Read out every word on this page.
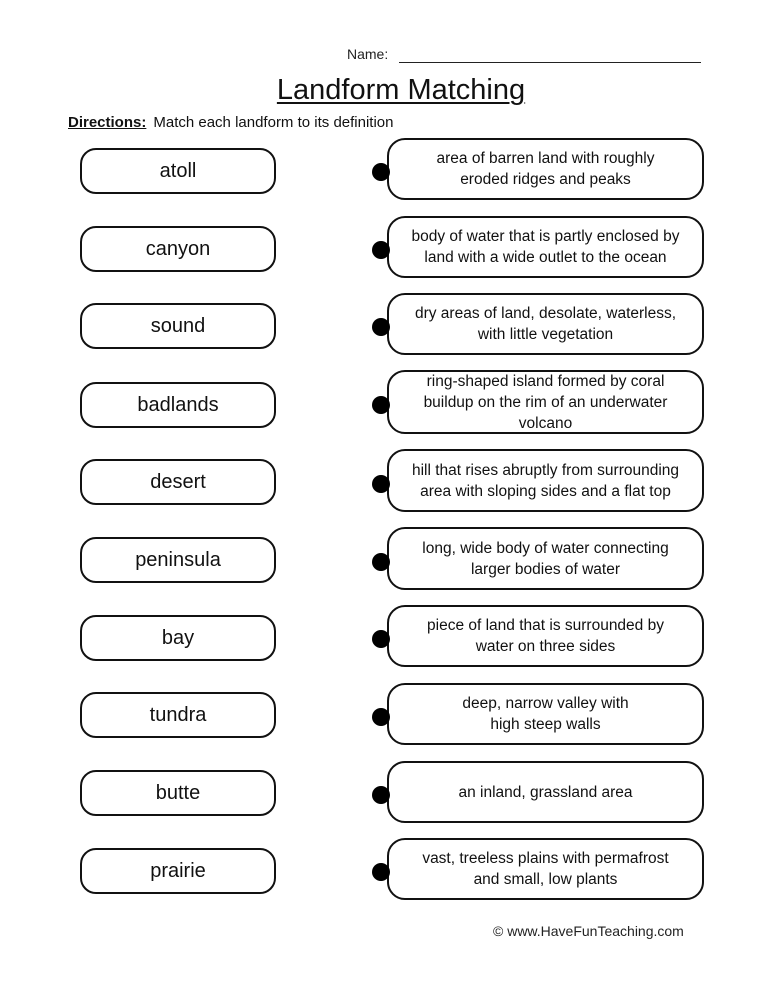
Name:
Landform Matching
Directions: Match each landform to its definition
atoll
canyon
sound
badlands
desert
peninsula
bay
tundra
butte
prairie
area of barren land with roughly
eroded ridges and peaks
body of water that is partly enclosed by
land with a wide outlet to the ocean
dry areas of land, desolate, waterless,
with little vegetation
ring-shaped island formed by coral
buildup on the rim of an underwater
volcano
hill that rises abruptly from surrounding
area with sloping sides and a flat top
long, wide body of water connecting
larger bodies of water
piece of land that is surrounded by
water on three sides
deep, narrow valley with
high steep walls
an inland, grassland area
vast, treeless plains with permafrost
and small, low plants
© www.HaveFunTeaching.com
